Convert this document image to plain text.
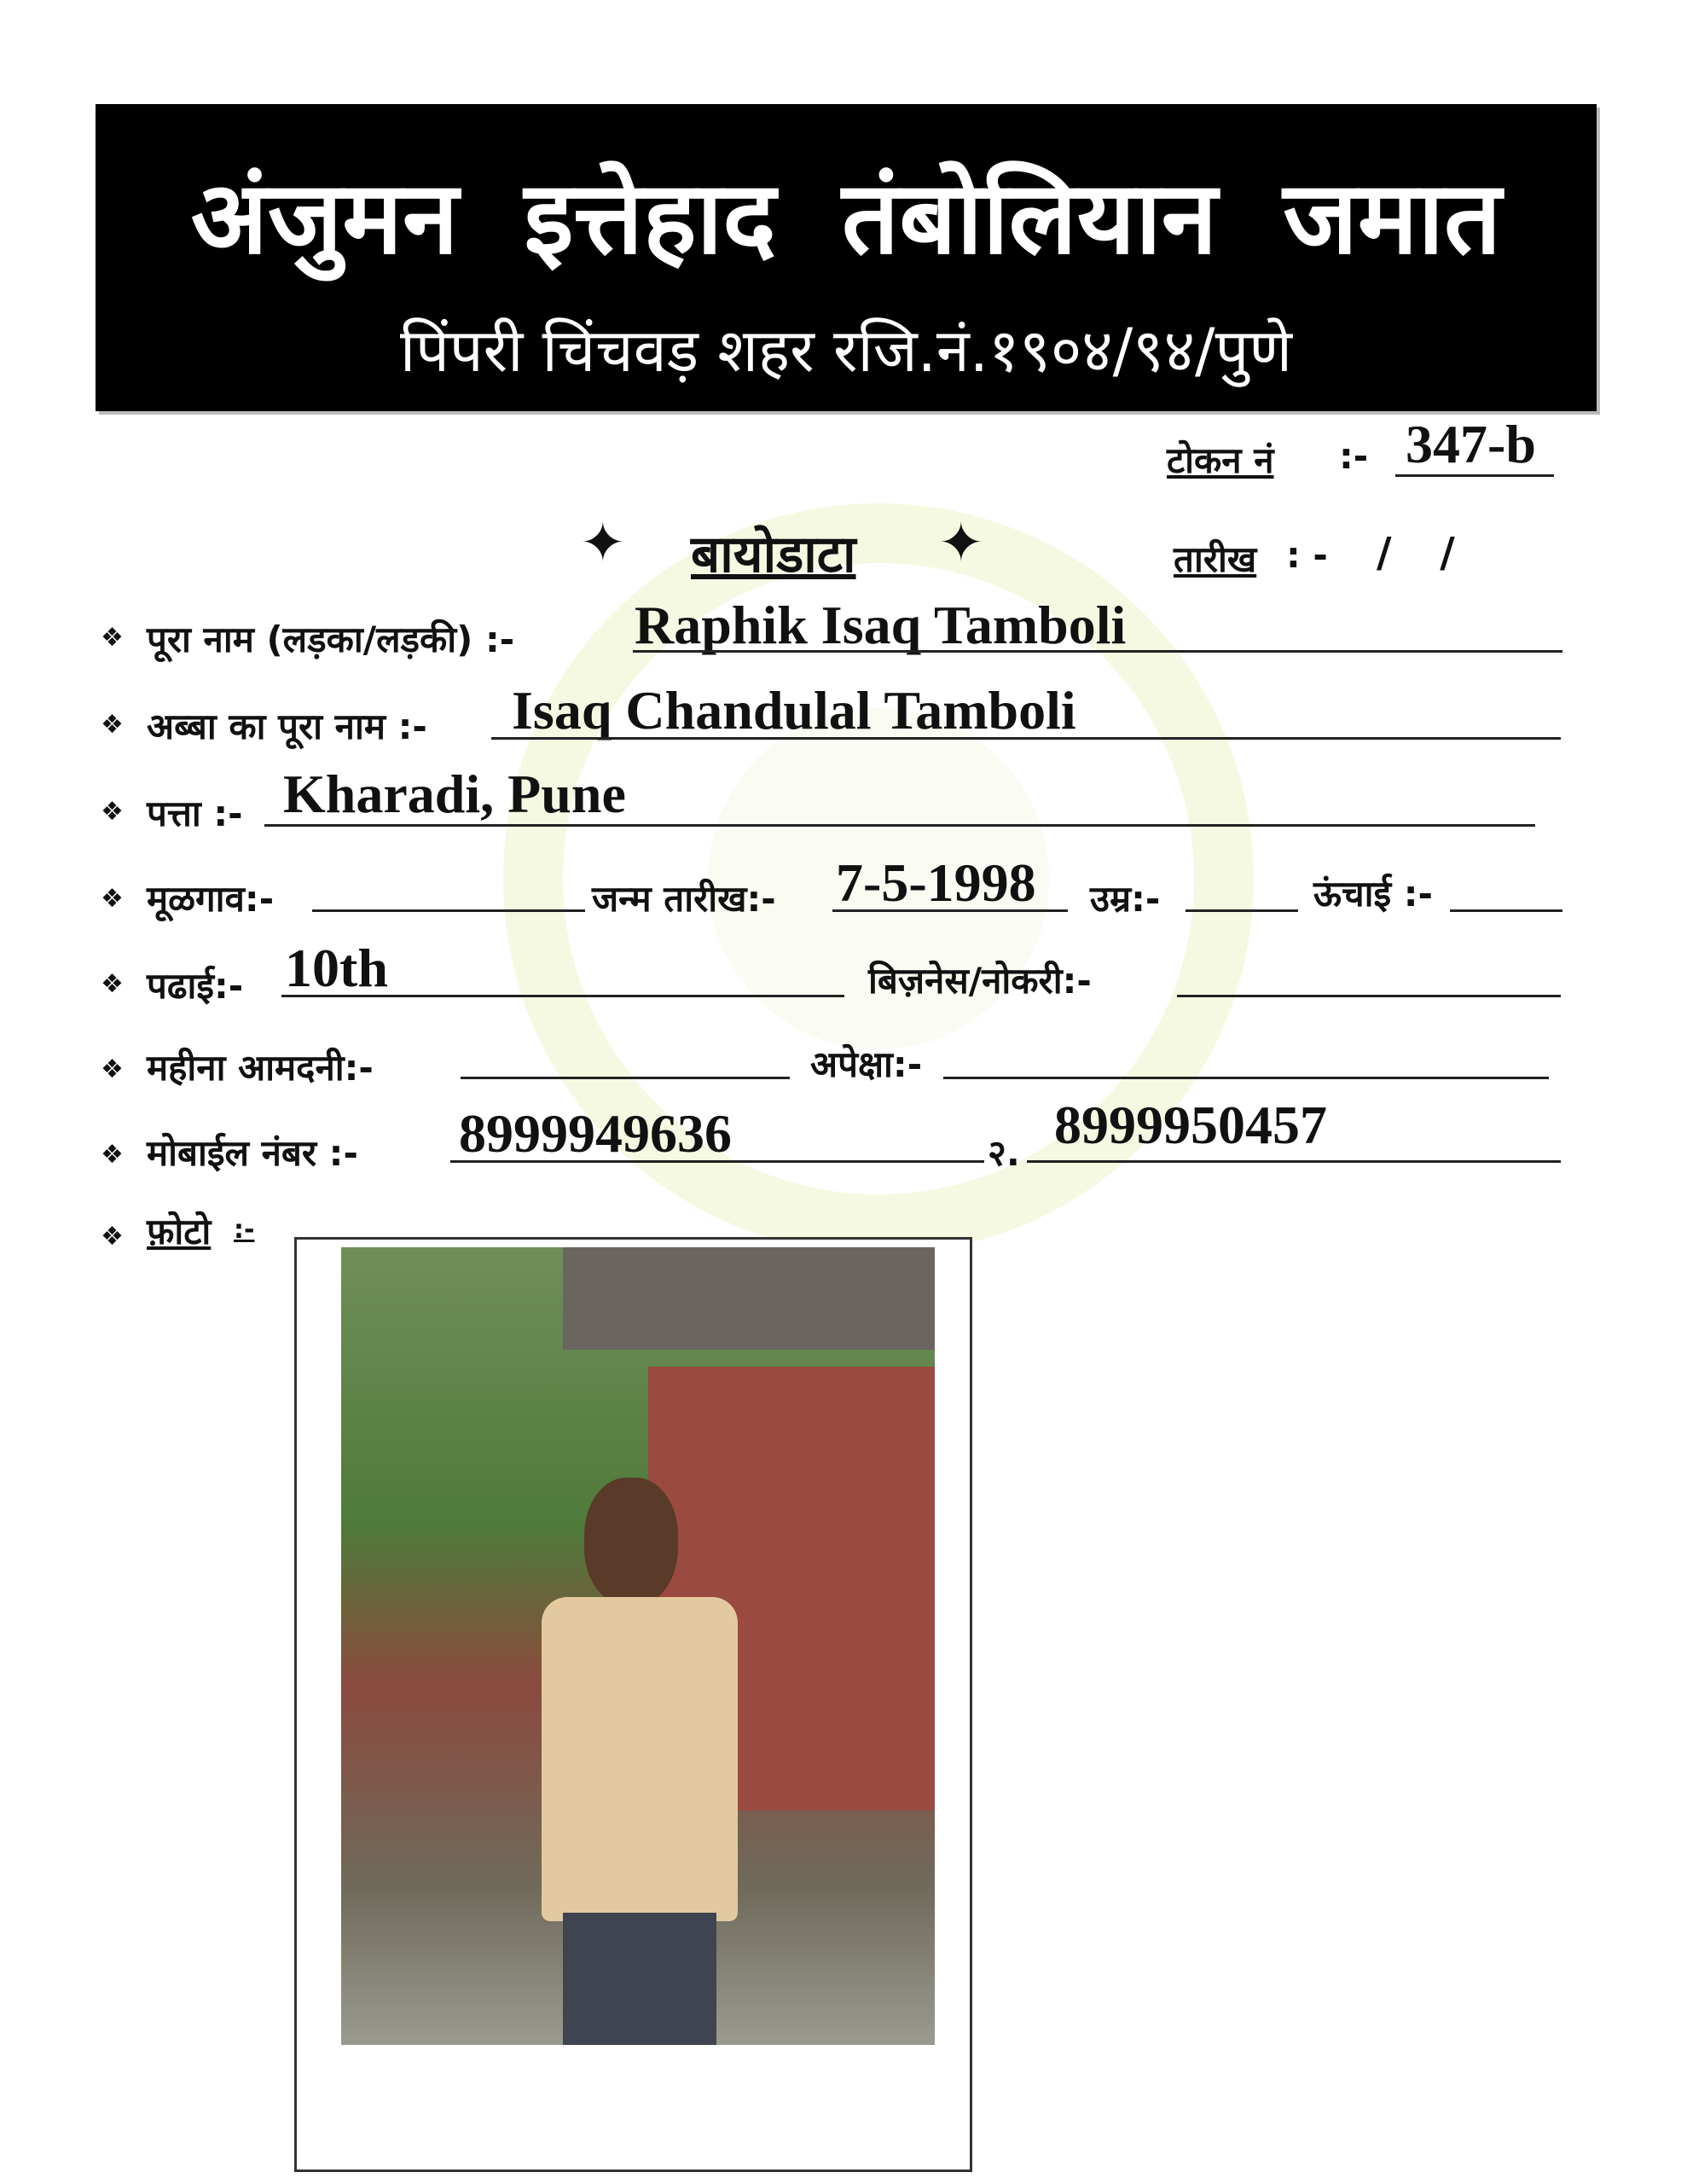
अंजुमन इत्तेहाद तंबोलियान जमात
पिंपरी चिंचवड़ शहर रजि.नं.१९०४/९४/पुणे
टोकन नं :- 347-b
✦ बायोडाटा ✦	तारीख : - / /
❖ पूरा नाम (लड़का/लड़की) :- Raphik Isaq Tamboli
❖ अब्बा का पूरा नाम :- Isaq Chandulal Tamboli
❖ पत्ता :- Kharadi, Pune
❖ मूळगाव:-	जन्म तारीख:- 7-5-1998 उम्र:-	ऊंचाई :-
❖ पढाई:- 10th	बिज़नेस/नोकरी:-
❖ महीना आमदनी:-	अपेक्षा:-
❖ मोबाईल नंबर :- 8999949636	२. 8999950457
❖ फ़ोटो :-
